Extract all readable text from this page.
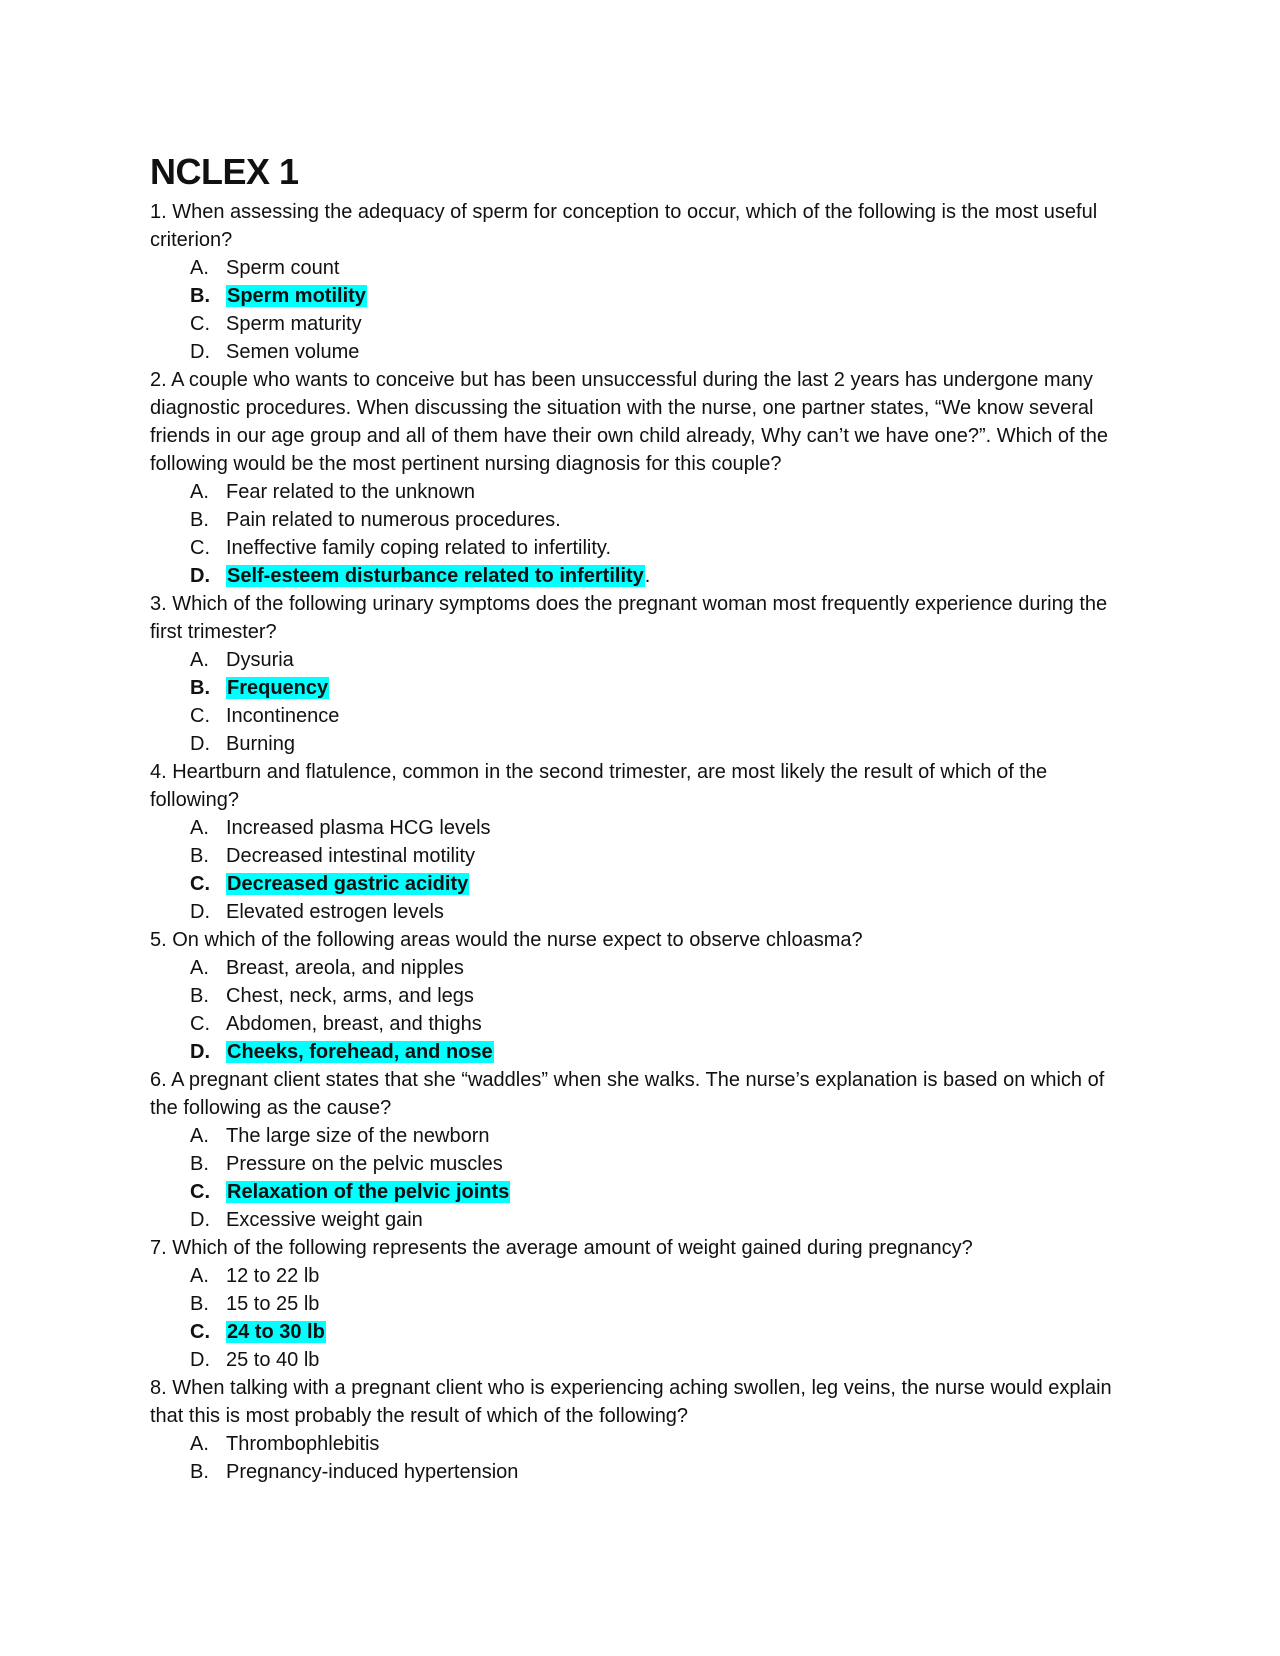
NCLEX 1

1. When assessing the adequacy of sperm for conception to occur, which of the following is the most useful criterion?

A. Sperm count
B. Sperm motility
C. Sperm maturity
D. Semen volume

2. A couple who wants to conceive but has been unsuccessful during the last 2 years has undergone many diagnostic procedures. When discussing the situation with the nurse, one partner states, “We know several friends in our age group and all of them have their own child already, Why can’t we have one?”. Which of the following would be the most pertinent nursing diagnosis for this couple?

A. Fear related to the unknown
B. Pain related to numerous procedures.
C. Ineffective family coping related to infertility.
D. Self-esteem disturbance related to infertility.

3. Which of the following urinary symptoms does the pregnant woman most frequently experience during the first trimester?

A. Dysuria
B. Frequency
C. Incontinence
D. Burning

4. Heartburn and flatulence, common in the second trimester, are most likely the result of which of the following?

A. Increased plasma HCG levels
B. Decreased intestinal motility
C. Decreased gastric acidity
D. Elevated estrogen levels

5. On which of the following areas would the nurse expect to observe chloasma?

A. Breast, areola, and nipples
B. Chest, neck, arms, and legs
C. Abdomen, breast, and thighs
D. Cheeks, forehead, and nose

6. A pregnant client states that she “waddles” when she walks. The nurse’s explanation is based on which of the following as the cause?

A. The large size of the newborn
B. Pressure on the pelvic muscles
C. Relaxation of the pelvic joints
D. Excessive weight gain

7. Which of the following represents the average amount of weight gained during pregnancy?

A. 12 to 22 lb
B. 15 to 25 lb
C. 24 to 30 lb
D. 25 to 40 lb

8. When talking with a pregnant client who is experiencing aching swollen, leg veins, the nurse would explain that this is most probably the result of which of the following?

A. Thrombophlebitis
B. Pregnancy-induced hypertension
